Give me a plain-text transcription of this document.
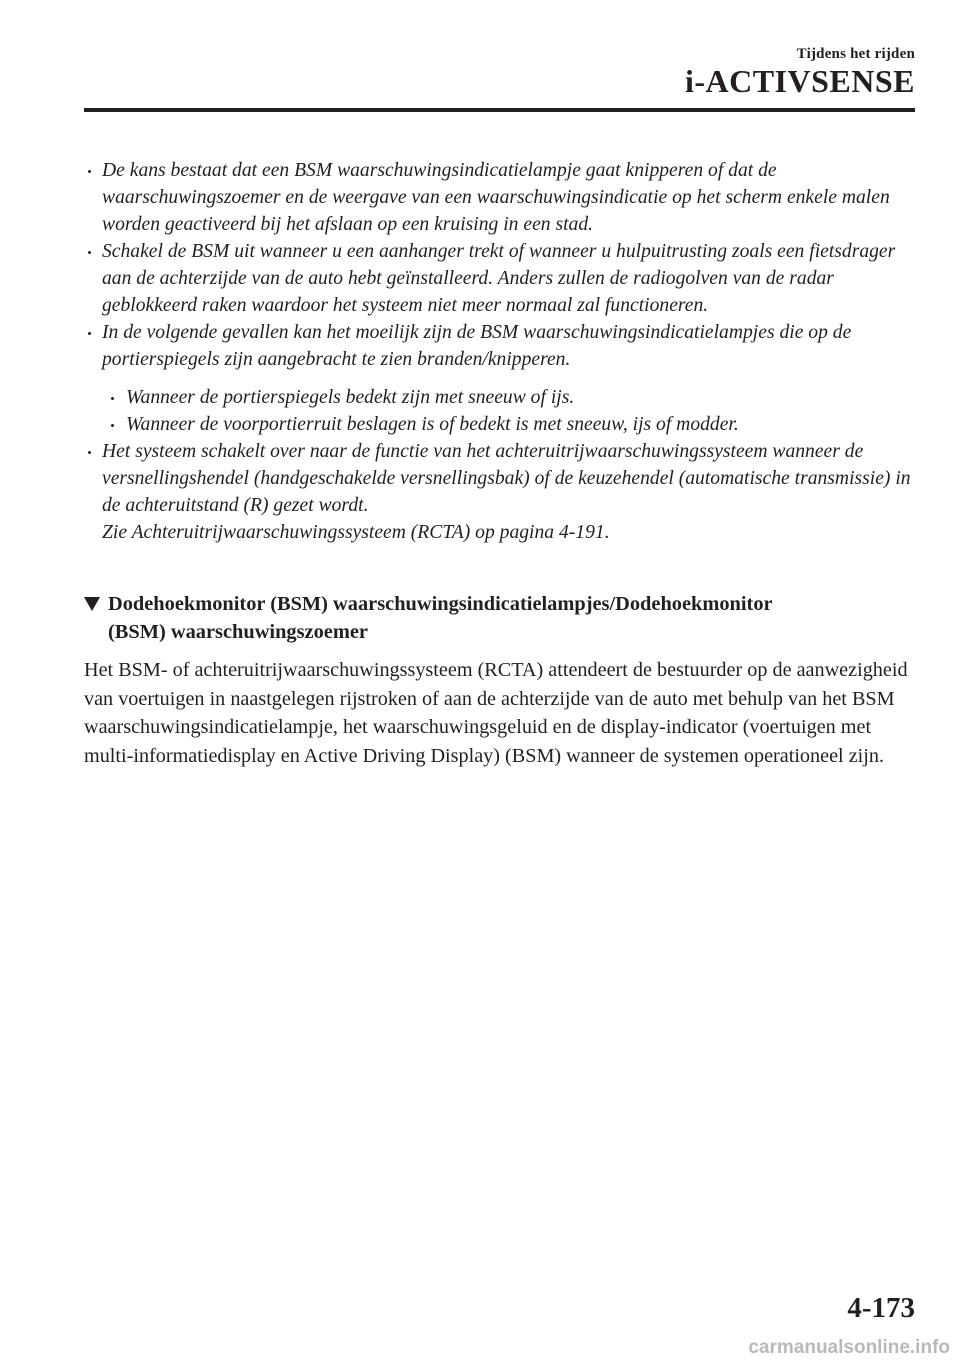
Tijdens het rijden
i-ACTIVSENSE
De kans bestaat dat een BSM waarschuwingsindicatielampje gaat knipperen of dat de waarschuwingszoemer en de weergave van een waarschuwingsindicatie op het scherm enkele malen worden geactiveerd bij het afslaan op een kruising in een stad.
Schakel de BSM uit wanneer u een aanhanger trekt of wanneer u hulpuitrusting zoals een fietsdrager aan de achterzijde van de auto hebt geïnstalleerd. Anders zullen de radiogolven van de radar geblokkeerd raken waardoor het systeem niet meer normaal zal functioneren.
In de volgende gevallen kan het moeilijk zijn de BSM waarschuwingsindicatielampjes die op de portierspiegels zijn aangebracht te zien branden/knipperen.
Wanneer de portierspiegels bedekt zijn met sneeuw of ijs.
Wanneer de voorportierruit beslagen is of bedekt is met sneeuw, ijs of modder.
Het systeem schakelt over naar de functie van het achteruitrijwaarschuwingssysteem wanneer de versnellingshendel (handgeschakelde versnellingsbak) of de keuzehendel (automatische transmissie) in de achteruitstand (R) gezet wordt.
Zie Achteruitrijwaarschuwingssysteem (RCTA) op pagina 4-191.
Dodehoekmonitor (BSM) waarschuwingsindicatielampjes/Dodehoekmonitor
(BSM) waarschuwingszoemer
Het BSM- of achteruitrijwaarschuwingssysteem (RCTA) attendeert de bestuurder op de aanwezigheid van voertuigen in naastgelegen rijstroken of aan de achterzijde van de auto met behulp van het BSM waarschuwingsindicatielampje, het waarschuwingsgeluid en de display-indicator (voertuigen met multi-informatiedisplay en Active Driving Display) (BSM) wanneer de systemen operationeel zijn.
4-173
carmanualsonline.info
